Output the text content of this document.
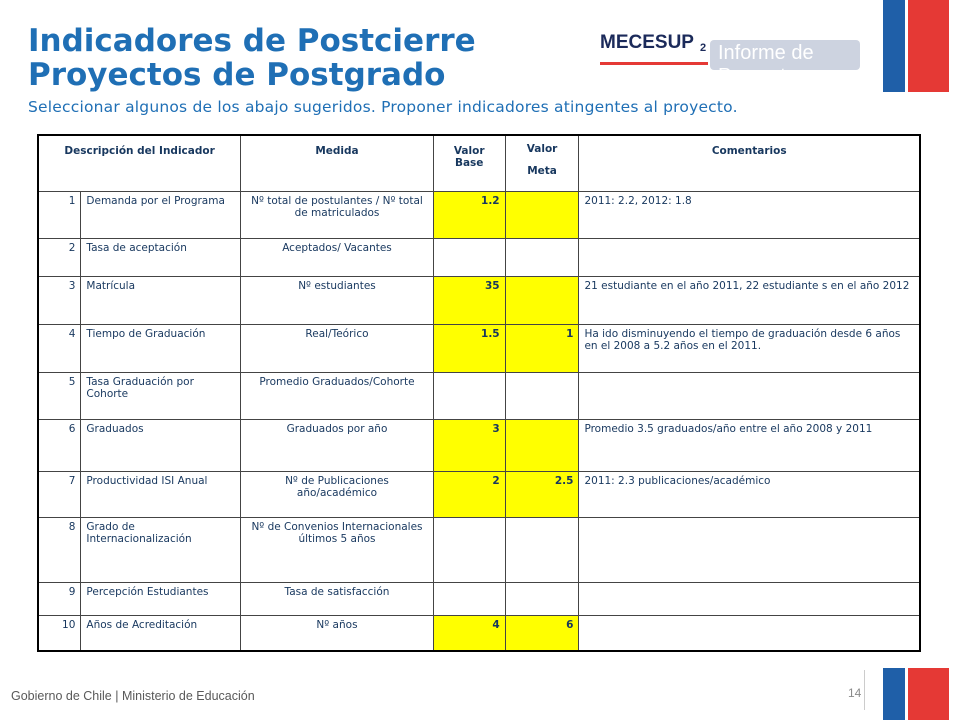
Indicadores de Postcierre
Proyectos de Postgrado
Seleccionar algunos de los abajo sugeridos. Proponer indicadores atingentes al proyecto.
MECESUP 2 Informe de Proyecto
Descripción del Indicador		Medida	Valor Base	Valor Meta	Comentarios
1	Demanda por el Programa	Nº total de postulantes / Nº total de matriculados	1.2		2011: 2.2, 2012: 1.8
2	Tasa de aceptación	Aceptados/ Vacantes			
3	Matrícula	Nº estudiantes	35		21 estudiante en el año 2011, 22 estudiante s en el año 2012
4	Tiempo de Graduación	Real/Teórico	1.5	1	Ha ido disminuyendo el tiempo de graduación desde 6 años en el 2008 a 5.2 años en el 2011.
5	Tasa Graduación por Cohorte	Promedio Graduados/Cohorte			
6	Graduados	Graduados por año	3		Promedio 3.5 graduados/año entre el año 2008 y 2011
7	Productividad ISI Anual	Nº de Publicaciones año/académico	2	2.5	2011: 2.3 publicaciones/académico
8	Grado de Internacionalización	Nº de Convenios Internacionales últimos 5 años			
9	Percepción Estudiantes	Tasa de satisfacción			
10	Años de Acreditación	Nº años	4	6	
Gobierno de Chile | Ministerio de Educación	14
